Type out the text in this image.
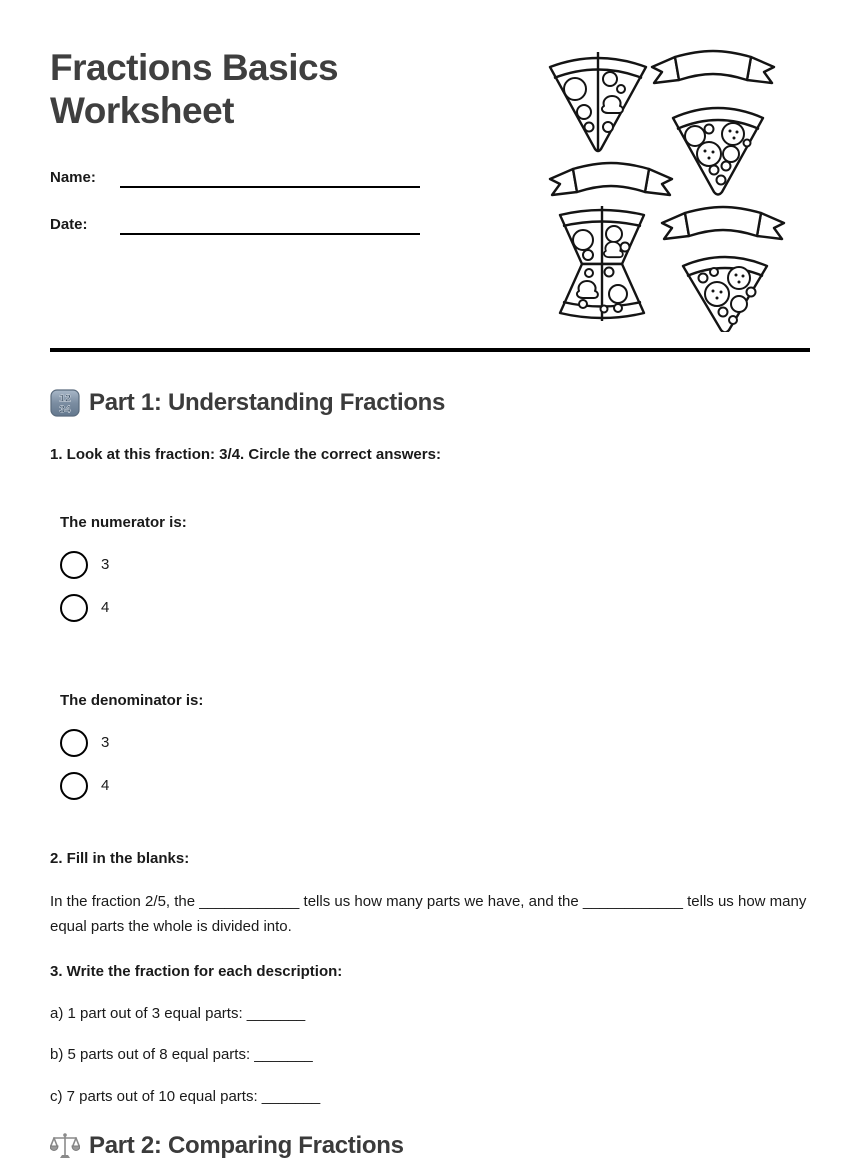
Fractions Basics Worksheet
Name:
Date:
12
34 Part 1: Understanding Fractions
1. Look at this fraction: 3/4. Circle the correct answers:
The numerator is:
3
4
The denominator is:
3
4
2. Fill in the blanks:
In the fraction 2/5, the ____________ tells us how many parts we have, and the ____________ tells us how many equal parts the whole is divided into.
3. Write the fraction for each description:
a) 1 part out of 3 equal parts: _______
b) 5 parts out of 8 equal parts: _______
c) 7 parts out of 10 equal parts: _______
Part 2: Comparing Fractions
